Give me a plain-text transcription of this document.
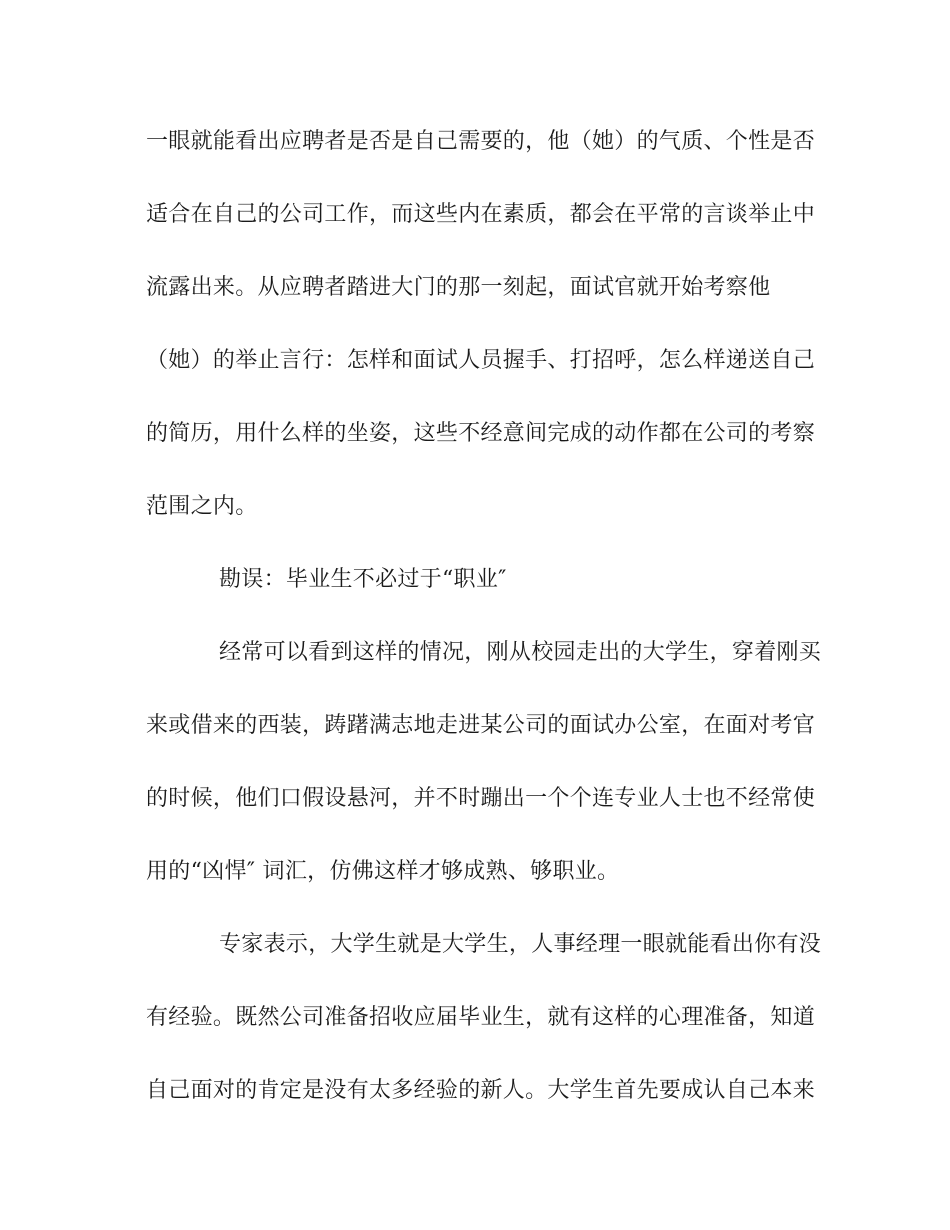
一眼就能看出应聘者是否是自己需要的，他（她）的气质、个性是否
适合在自己的公司工作，而这些内在素质，都会在平常的言谈举止中
流露出来。从应聘者踏进大门的那一刻起，面试官就开始考察他
（她）的举止言行：怎样和面试人员握手、打招呼，怎么样递送自己
的简历，用什么样的坐姿，这些不经意间完成的动作都在公司的考察
范围之内。
勘误：毕业生不必过于“职业″
经常可以看到这样的情况，刚从校园走出的大学生，穿着刚买
来或借来的西装，踌躇满志地走进某公司的面试办公室，在面对考官
的时候，他们口假设悬河，并不时蹦出一个个连专业人士也不经常使
用的“凶悍″ 词汇，仿佛这样才够成熟、够职业。
专家表示，大学生就是大学生，人事经理一眼就能看出你有没
有经验。既然公司准备招收应届毕业生，就有这样的心理准备，知道
自己面对的肯定是没有太多经验的新人。大学生首先要成认自己本来
